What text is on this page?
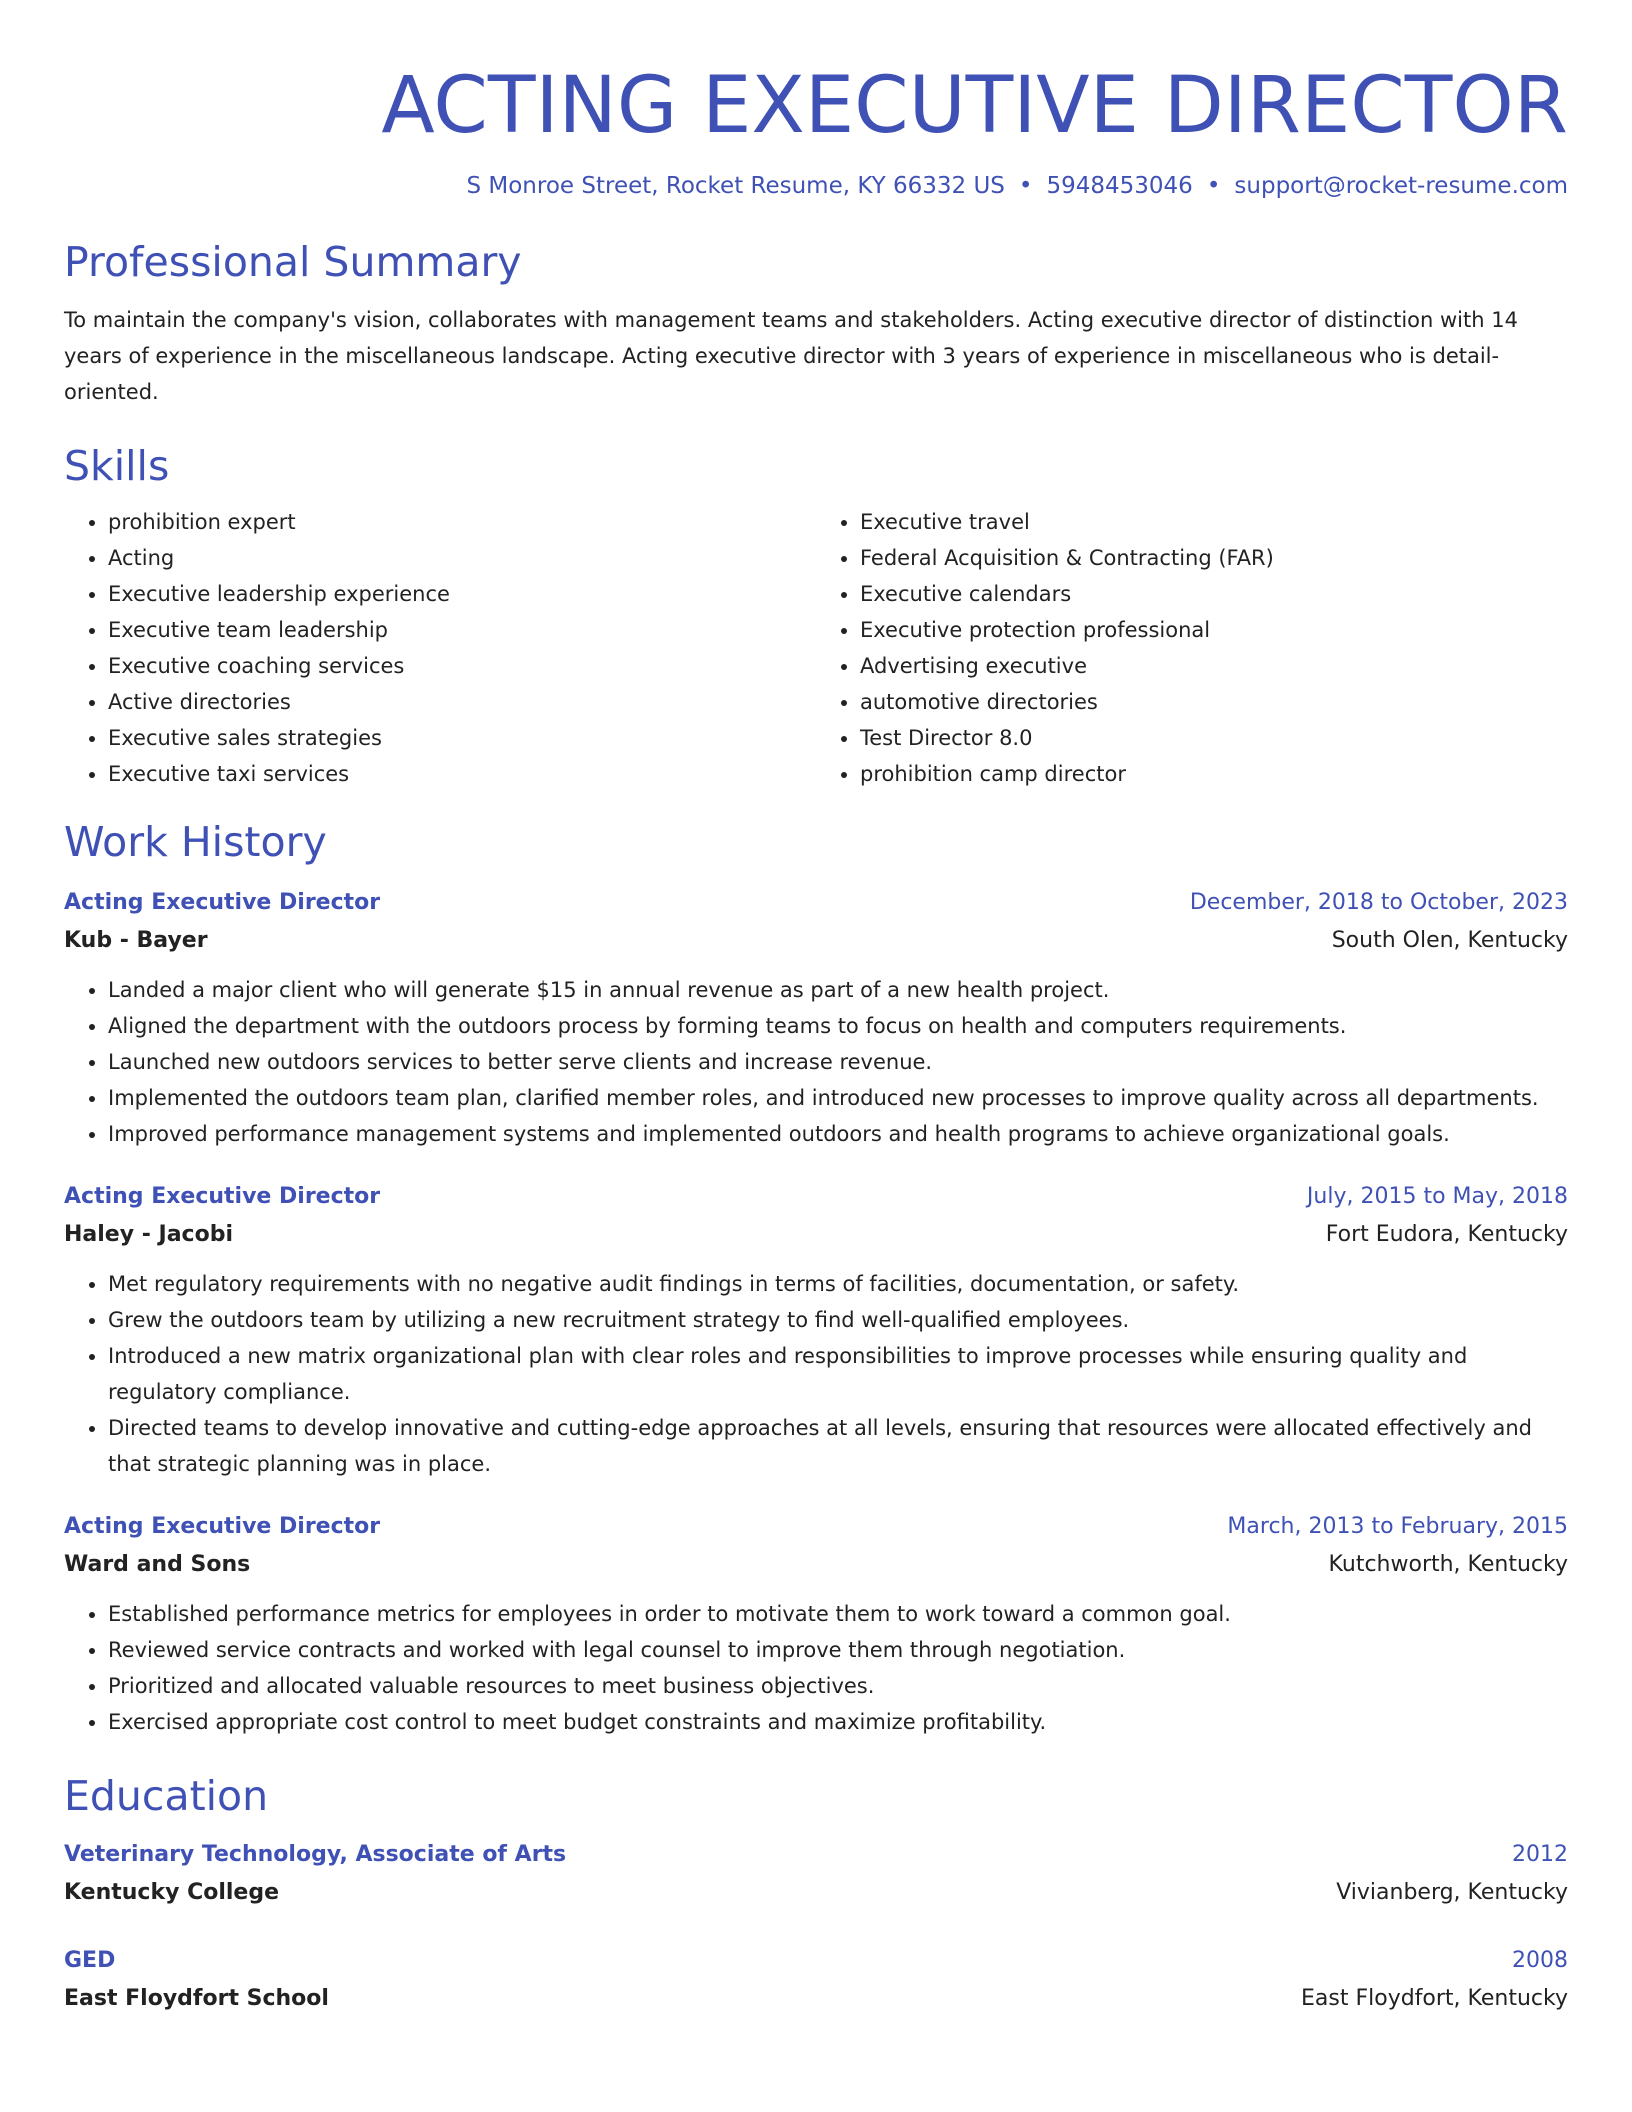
ACTING EXECUTIVE DIRECTOR
S Monroe Street, Rocket Resume, KY 66332 US • 5948453046 • support@rocket-resume.com
Professional Summary
To maintain the company's vision, collaborates with management teams and stakeholders. Acting executive director of distinction with 14 years of experience in the miscellaneous landscape. Acting executive director with 3 years of experience in miscellaneous who is detail-oriented.
Skills
• prohibition expert
• Acting
• Executive leadership experience
• Executive team leadership
• Executive coaching services
• Active directories
• Executive sales strategies
• Executive taxi services
• Executive travel
• Federal Acquisition & Contracting (FAR)
• Executive calendars
• Executive protection professional
• Advertising executive
• automotive directories
• Test Director 8.0
• prohibition camp director
Work History
Acting Executive Director	December, 2018 to October, 2023
Kub - Bayer	South Olen, Kentucky
• Landed a major client who will generate $15 in annual revenue as part of a new health project.
• Aligned the department with the outdoors process by forming teams to focus on health and computers requirements.
• Launched new outdoors services to better serve clients and increase revenue.
• Implemented the outdoors team plan, clarified member roles, and introduced new processes to improve quality across all departments.
• Improved performance management systems and implemented outdoors and health programs to achieve organizational goals.
Acting Executive Director	July, 2015 to May, 2018
Haley - Jacobi	Fort Eudora, Kentucky
• Met regulatory requirements with no negative audit findings in terms of facilities, documentation, or safety.
• Grew the outdoors team by utilizing a new recruitment strategy to find well-qualified employees.
• Introduced a new matrix organizational plan with clear roles and responsibilities to improve processes while ensuring quality and regulatory compliance.
• Directed teams to develop innovative and cutting-edge approaches at all levels, ensuring that resources were allocated effectively and that strategic planning was in place.
Acting Executive Director	March, 2013 to February, 2015
Ward and Sons	Kutchworth, Kentucky
• Established performance metrics for employees in order to motivate them to work toward a common goal.
• Reviewed service contracts and worked with legal counsel to improve them through negotiation.
• Prioritized and allocated valuable resources to meet business objectives.
• Exercised appropriate cost control to meet budget constraints and maximize profitability.
Education
Veterinary Technology, Associate of Arts	2012
Kentucky College	Vivianberg, Kentucky
GED	2008
East Floydfort School	East Floydfort, Kentucky
